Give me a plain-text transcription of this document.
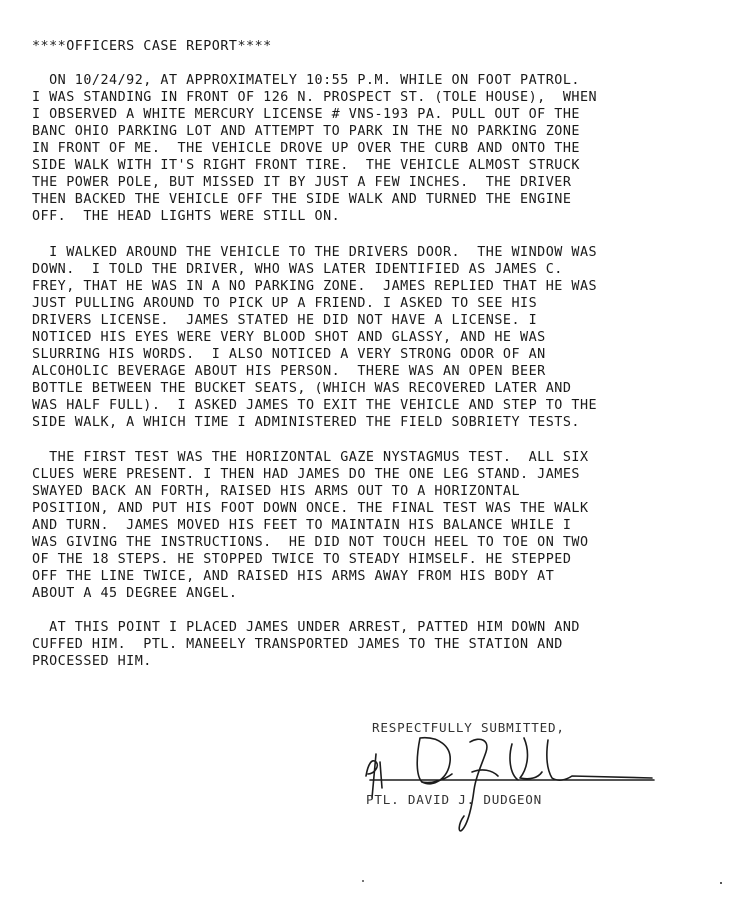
****OFFICERS CASE REPORT****
ON 10/24/92, AT APPROXIMATELY 10:55 P.M. WHILE ON FOOT PATROL.
I WAS STANDING IN FRONT OF 126 N. PROSPECT ST. (TOLE HOUSE),  WHEN
I OBSERVED A WHITE MERCURY LICENSE # VNS-193 PA. PULL OUT OF THE
BANC OHIO PARKING LOT AND ATTEMPT TO PARK IN THE NO PARKING ZONE
IN FRONT OF ME.  THE VEHICLE DROVE UP OVER THE CURB AND ONTO THE
SIDE WALK WITH IT'S RIGHT FRONT TIRE.  THE VEHICLE ALMOST STRUCK
THE POWER POLE, BUT MISSED IT BY JUST A FEW INCHES.  THE DRIVER
THEN BACKED THE VEHICLE OFF THE SIDE WALK AND TURNED THE ENGINE
OFF.  THE HEAD LIGHTS WERE STILL ON.
I WALKED AROUND THE VEHICLE TO THE DRIVERS DOOR.  THE WINDOW WAS
DOWN.  I TOLD THE DRIVER, WHO WAS LATER IDENTIFIED AS JAMES C.
FREY, THAT HE WAS IN A NO PARKING ZONE.  JAMES REPLIED THAT HE WAS
JUST PULLING AROUND TO PICK UP A FRIEND. I ASKED TO SEE HIS
DRIVERS LICENSE.  JAMES STATED HE DID NOT HAVE A LICENSE. I
NOTICED HIS EYES WERE VERY BLOOD SHOT AND GLASSY, AND HE WAS
SLURRING HIS WORDS.  I ALSO NOTICED A VERY STRONG ODOR OF AN
ALCOHOLIC BEVERAGE ABOUT HIS PERSON.  THERE WAS AN OPEN BEER
BOTTLE BETWEEN THE BUCKET SEATS, (WHICH WAS RECOVERED LATER AND
WAS HALF FULL).  I ASKED JAMES TO EXIT THE VEHICLE AND STEP TO THE
SIDE WALK, A WHICH TIME I ADMINISTERED THE FIELD SOBRIETY TESTS.
THE FIRST TEST WAS THE HORIZONTAL GAZE NYSTAGMUS TEST.  ALL SIX
CLUES WERE PRESENT. I THEN HAD JAMES DO THE ONE LEG STAND. JAMES
SWAYED BACK AN FORTH, RAISED HIS ARMS OUT TO A HORIZONTAL
POSITION, AND PUT HIS FOOT DOWN ONCE. THE FINAL TEST WAS THE WALK
AND TURN.  JAMES MOVED HIS FEET TO MAINTAIN HIS BALANCE WHILE I
WAS GIVING THE INSTRUCTIONS.  HE DID NOT TOUCH HEEL TO TOE ON TWO
OF THE 18 STEPS. HE STOPPED TWICE TO STEADY HIMSELF. HE STEPPED
OFF THE LINE TWICE, AND RAISED HIS ARMS AWAY FROM HIS BODY AT
ABOUT A 45 DEGREE ANGEL.
AT THIS POINT I PLACED JAMES UNDER ARREST, PATTED HIM DOWN AND
CUFFED HIM.  PTL. MANEELY TRANSPORTED JAMES TO THE STATION AND
PROCESSED HIM.
RESPECTFULLY SUBMITTED,
PTL. DAVID J. DUDGEON
